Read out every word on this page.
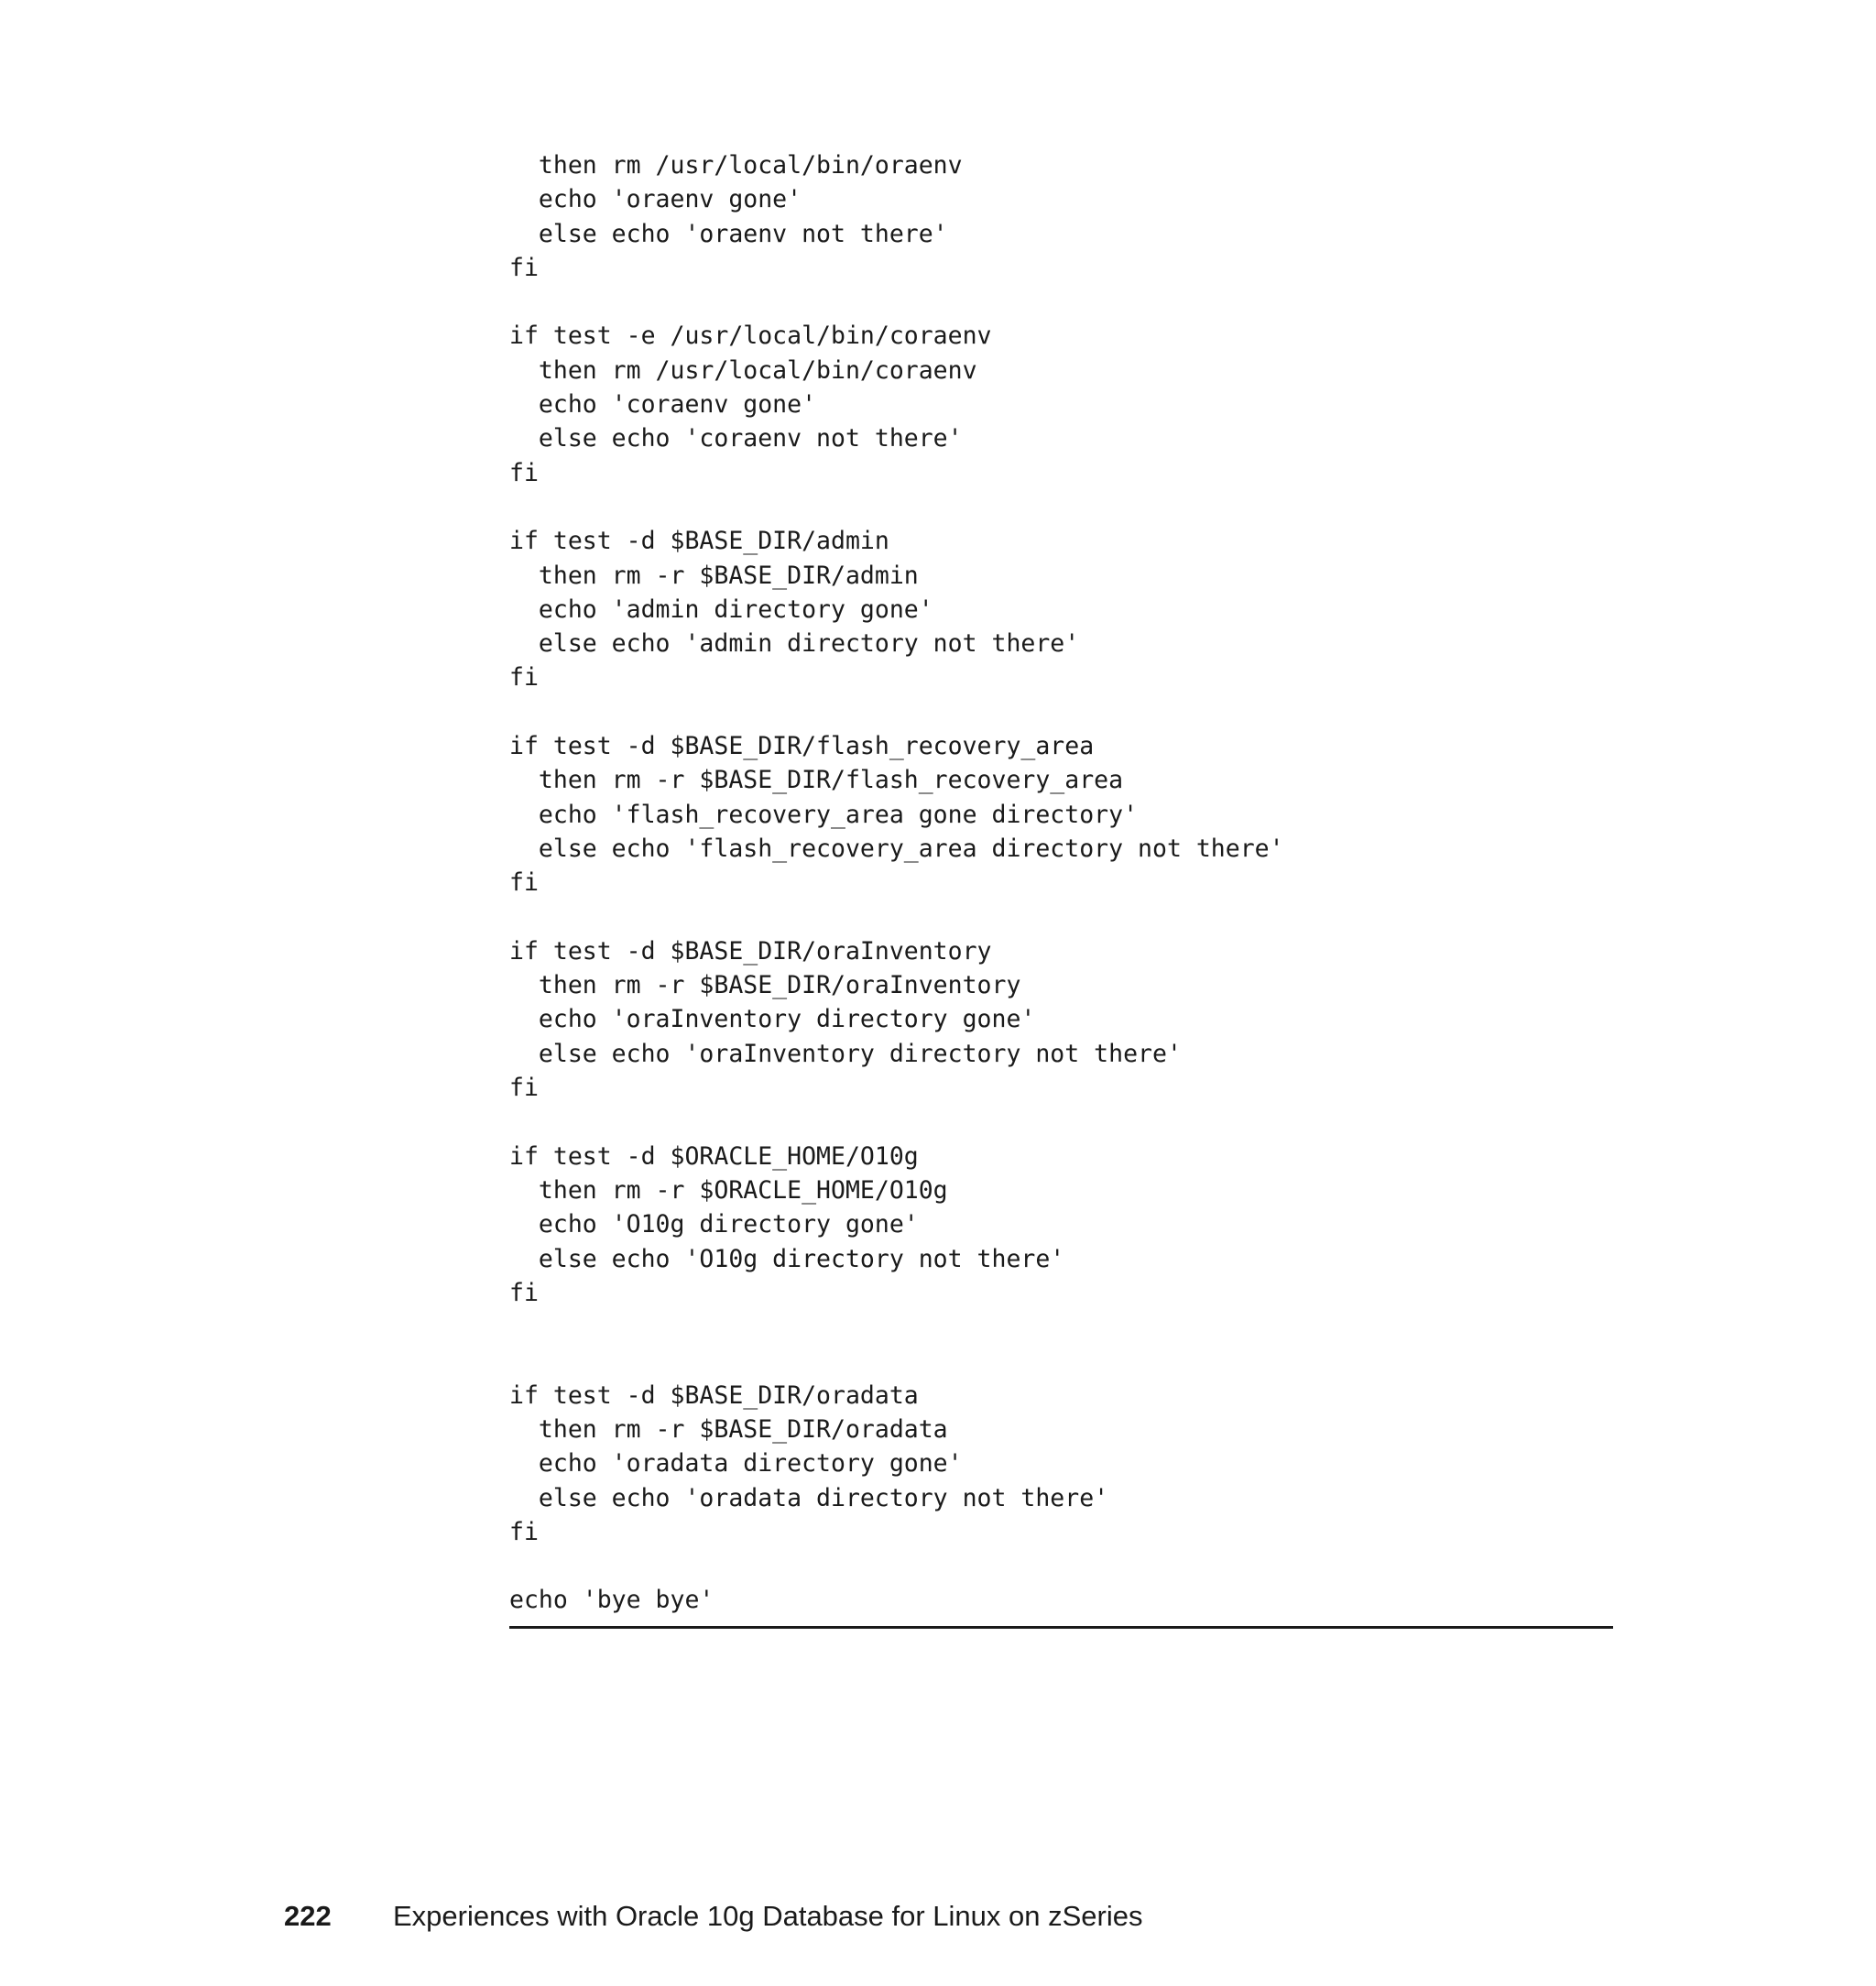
then rm /usr/local/bin/oraenv
echo 'oraenv gone'
else echo 'oraenv not there'
fi
if test -e /usr/local/bin/coraenv
then rm /usr/local/bin/coraenv
echo 'coraenv gone'
else echo 'coraenv not there'
fi
if test -d $BASE_DIR/admin
then rm -r $BASE_DIR/admin
echo 'admin directory gone'
else echo 'admin directory not there'
fi
if test -d $BASE_DIR/flash_recovery_area
then rm -r $BASE_DIR/flash_recovery_area
echo 'flash_recovery_area gone directory'
else echo 'flash_recovery_area directory not there'
fi
if test -d $BASE_DIR/oraInventory
then rm -r $BASE_DIR/oraInventory
echo 'oraInventory directory gone'
else echo 'oraInventory directory not there'
fi
if test -d $ORACLE_HOME/O10g
then rm -r $ORACLE_HOME/O10g
echo 'O10g directory gone'
else echo 'O10g directory not there'
fi
if test -d $BASE_DIR/oradata
then rm -r $BASE_DIR/oradata
echo 'oradata directory gone'
else echo 'oradata directory not there'
fi
echo 'bye bye'
222 Experiences with Oracle 10g Database for Linux on zSeries
